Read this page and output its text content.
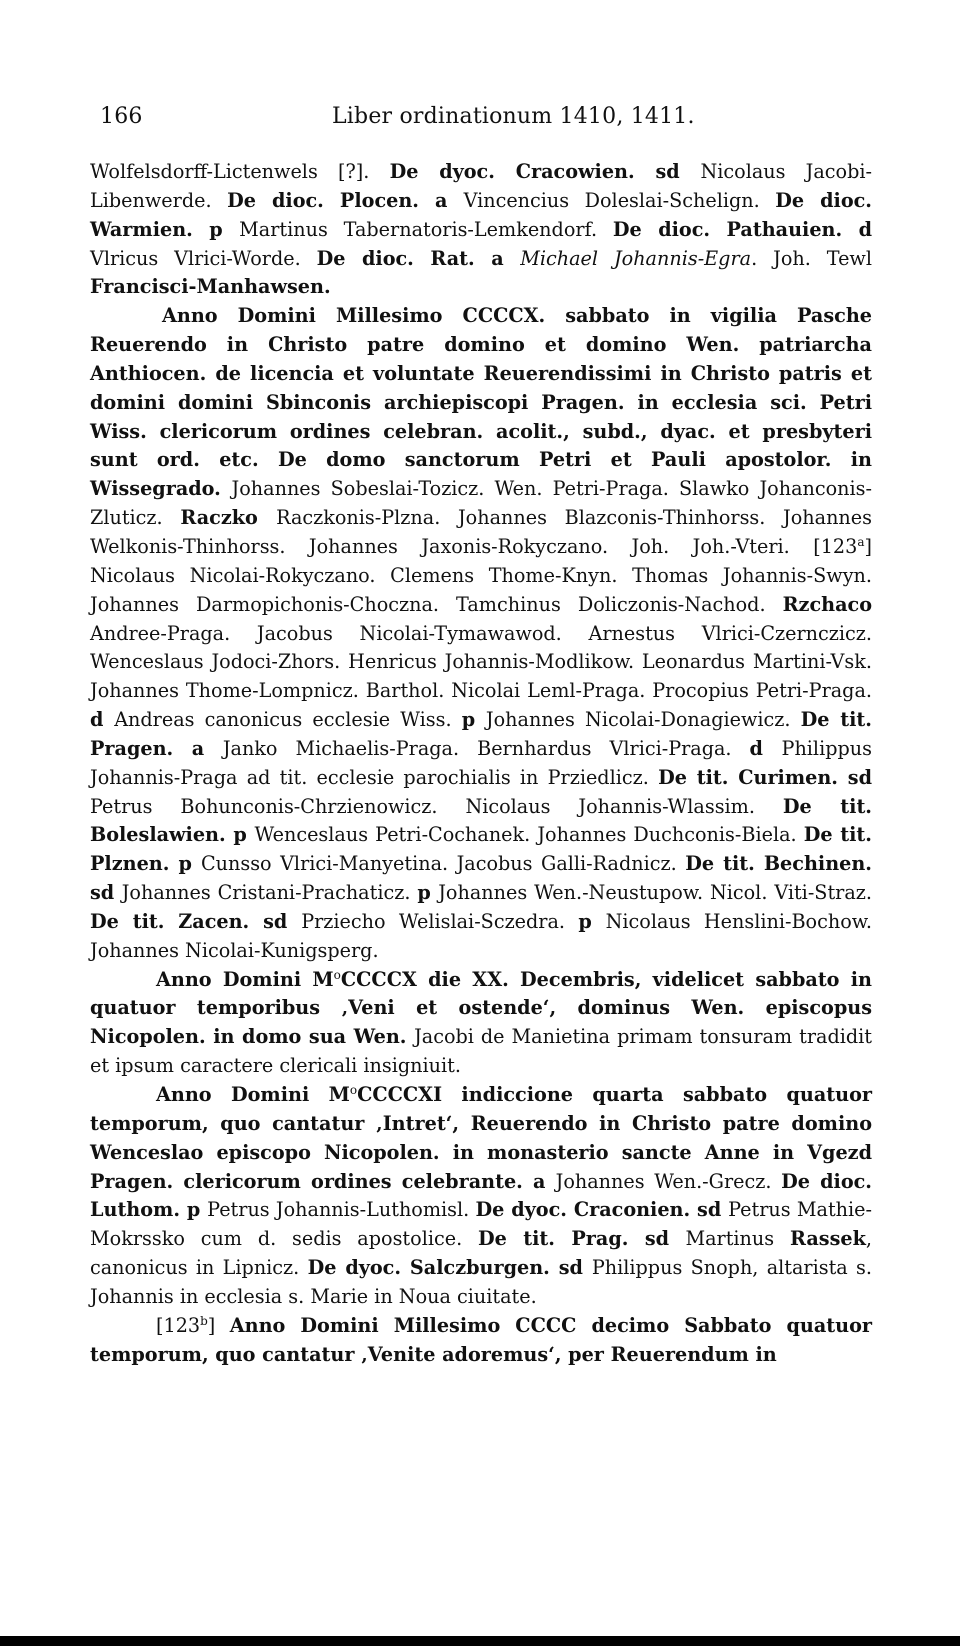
166	Liber ordinationum 1410, 1411.

Wolfelsdorff-Lictenwels [?]. De dyoc. Cracowien. sd Nicolaus Jacobi-Libenwerde. De dioc. Plocen. a Vincencius Doleslai-Schelign. De dioc. Warmien. p Martinus Tabernatoris-Lemkendorf. De dioc. Pathauien. d Vlricus Vlrici-Worde. De dioc. Rat. a Michael Johannis-Egra. Joh. Tewl Francisci-Manhawsen.

Anno Domini Millesimo CCCCX. sabbato in vigilia Pasche Reuerendo in Christo patre domino et domino Wen. patriarcha Anthiocen. de licencia et voluntate Reuerendissimi in Christo patris et domini domini Sbinconis archiepiscopi Pragen. in ecclesia sci. Petri Wiss. clericorum ordines celebran. acolit., subd., dyac. et presbyteri sunt ord. etc. De domo sanctorum Petri et Pauli apostolor. in Wissegrado. Johannes Sobeslai-Tozicz. Wen. Petri-Praga. Slawko Johanconis-Zluticz. Raczko Raczkonis-Plzna. Johannes Blazconis-Thinhorss. Johannes Welkonis-Thinhorss. Johannes Jaxonis-Rokyczano. Joh. Joh.-Vteri. [123$^a$] Nicolaus Nicolai-Rokyczano. Clemens Thome-Knyn. Thomas Johannis-Swyn. Johannes Darmopichonis-Choczna. Tamchinus Doliczonis-Nachod. Rzchaco Andree-Praga. Jacobus Nicolai-Tymawawod. Arnestus Vlrici-Czernczicz. Wenceslaus Jodoci-Zhors. Henricus Johannis-Modlikow. Leonardus Martini-Vsk. Johannes Thome-Lompnicz. Barthol. Nicolai Leml-Praga. Procopius Petri-Praga. d Andreas canonicus ecclesie Wiss. p Johannes Nicolai-Donagiewicz. De tit. Pragen. a Janko Michaelis-Praga. Bernhardus Vlrici-Praga. d Philippus Johannis-Praga ad tit. ecclesie parochialis in Prziedlicz. De tit. Curimen. sd Petrus Bohunconis-Chrzienowicz. Nicolaus Johannis-Wlassim. De tit. Boleslawien. p Wenceslaus Petri-Cochanek. Johannes Duchconis-Biela. De tit. Plznen. p Cunsso Vlrici-Manyetina. Jacobus Galli-Radnicz. De tit. Bechinen. sd Johannes Cristani-Prachaticz. p Johannes Wen.-Neustupow. Nicol. Viti-Straz. De tit. Zacen. sd Prziecho Welislai-Sczedra. p Nicolaus Henslini-Bochow. Johannes Nicolai-Kunigsperg.

Anno Domini $M^oCCCCX$ die XX. Decembris, videlicet sabbato in quatuor temporibus ‚Veni et ostende‘, dominus Wen. episcopus Nicopolen. in domo sua Wen. Jacobi de Manietina primam tonsuram tradidit et ipsum caractere clericali insigniuit.

Anno Domini $M^oCCCCXI$ indiccione quarta sabbato quatuor temporum, quo cantatur ‚Intret‘, Reuerendo in Christo patre domino Wenceslao episcopo Nicopolen. in monasterio sancte Anne in Vgezd Pragen. clericorum ordines celebrante. a Johannes Wen.-Grecz. De dioc. Luthom. p Petrus Johannis-Luthomisl. De dyoc. Craconien. sd Petrus Mathie-Mokrssko cum d. sedis apostolice. De tit. Prag. sd Martinus Rassek, canonicus in Lipnicz. De dyoc. Salczburgen. sd Philippus Snoph, altarista s. Johannis in ecclesia s. Marie in Noua ciuitate.

[123$^b$] Anno Domini Millesimo CCCC decimo Sabbato quatuor temporum, quo cantatur ‚Venite adoremus‘, per Reuerendum in
